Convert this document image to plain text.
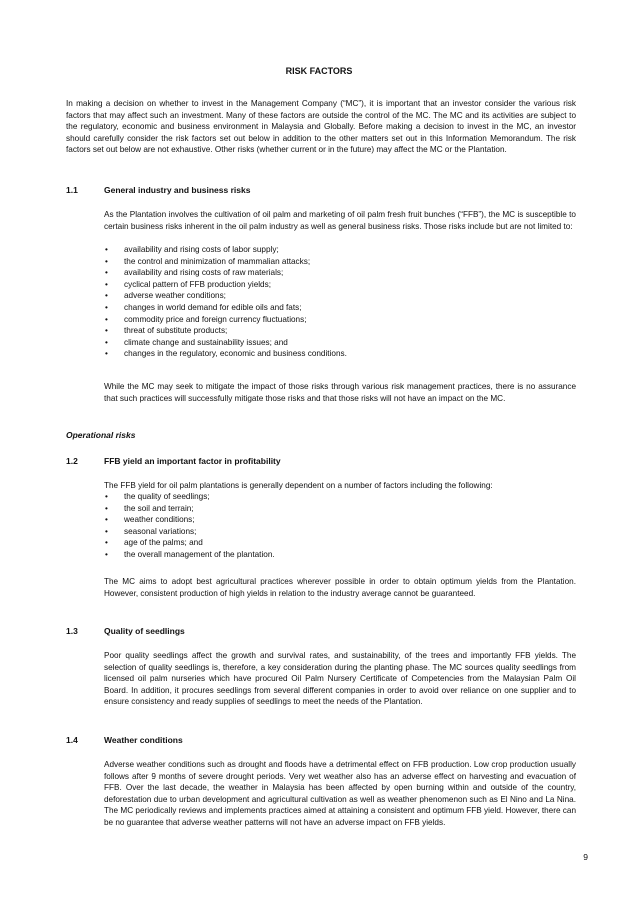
RISK FACTORS

In making a decision on whether to invest in the Management Company (“MC”), it is important that an investor consider the various risk factors that may affect such an investment. Many of these factors are outside the control of the MC. The MC and its activities are subject to the regulatory, economic and business environment in Malaysia and Globally. Before making a decision to invest in the MC, an investor should carefully consider the risk factors set out below in addition to the other matters set out in this Information Memorandum. The risk factors set out below are not exhaustive. Other risks (whether current or in the future) may affect the MC or the Plantation.

1.1	General industry and business risks

As the Plantation involves the cultivation of oil palm and marketing of oil palm fresh fruit bunches (“FFB”), the MC is susceptible to certain business risks inherent in the oil palm industry as well as general business risks. Those risks include but are not limited to:

• availability and rising costs of labor supply;
• the control and minimization of mammalian attacks;
• availability and rising costs of raw materials;
• cyclical pattern of FFB production yields;
• adverse weather conditions;
• changes in world demand for edible oils and fats;
• commodity price and foreign currency fluctuations;
• threat of substitute products;
• climate change and sustainability issues; and
• changes in the regulatory, economic and business conditions.

While the MC may seek to mitigate the impact of those risks through various risk management practices, there is no assurance that such practices will successfully mitigate those risks and that those risks will not have an impact on the MC.

Operational risks
1.2	FFB yield an important factor in profitability

The FFB yield for oil palm plantations is generally dependent on a number of factors including the following:

• the quality of seedlings;
• the soil and terrain;
• weather conditions;
• seasonal variations;
• age of the palms; and
• the overall management of the plantation.

The MC aims to adopt best agricultural practices wherever possible in order to obtain optimum yields from the Plantation. However, consistent production of high yields in relation to the industry average cannot be guaranteed.

1.3	Quality of seedlings

Poor quality seedlings affect the growth and survival rates, and sustainability, of the trees and importantly FFB yields. The selection of quality seedlings is, therefore, a key consideration during the planting phase. The MC sources quality seedlings from licensed oil palm nurseries which have procured Oil Palm Nursery Certificate of Competencies from the Malaysian Palm Oil Board. In addition, it procures seedlings from several different companies in order to avoid over reliance on one supplier and to ensure consistency and ready supplies of seedlings to meet the needs of the Plantation.

1.4	Weather conditions

Adverse weather conditions such as drought and floods have a detrimental effect on FFB production. Low crop production usually follows after 9 months of severe drought periods. Very wet weather also has an adverse effect on harvesting and evacuation of FFB. Over the last decade, the weather in Malaysia has been affected by open burning within and outside of the country, deforestation due to urban development and agricultural cultivation as well as weather phenomenon such as El Nino and La Nina. The MC periodically reviews and implements practices aimed at attaining a consistent and optimum FFB yield. However, there can be no guarantee that adverse weather patterns will not have an adverse impact on FFB yields.

9
